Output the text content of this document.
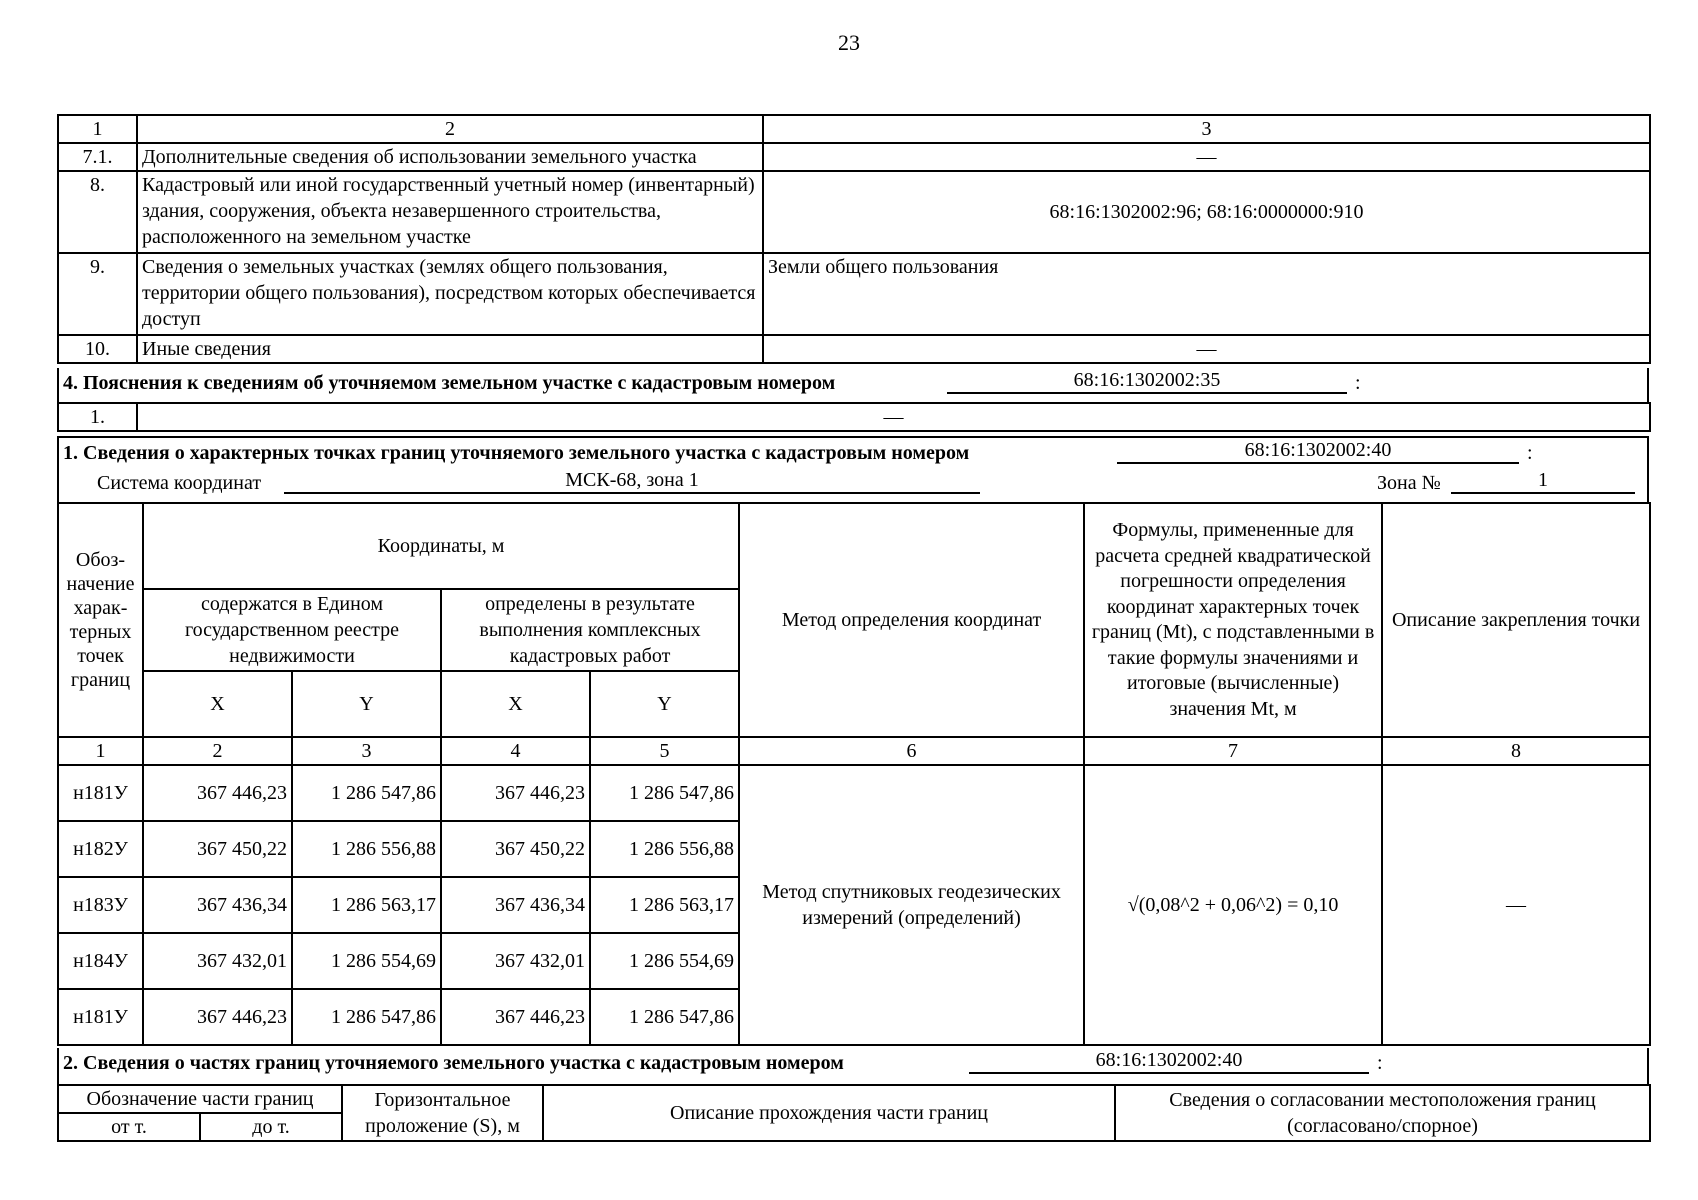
23
1	2	3
7.1.	Дополнительные сведения об использовании земельного участка	—
8.	Кадастровый или иной государственный учетный номер (инвентарный) здания, сооружения, объекта незавершенного строительства, расположенного на земельном участке	68:16:1302002:96; 68:16:0000000:910
9.	Сведения о земельных участках (землях общего пользования, территории общего пользования), посредством которых обеспечивается доступ	Земли общего пользования
10.	Иные сведения	—
4. Пояснения к сведениям об уточняемом земельном участке с кадастровым номером	68:16:1302002:35	:
1.	—
1. Сведения о характерных точках границ уточняемого земельного участка с кадастровым номером	68:16:1302002:40	:
Система координат	МСК-68, зона 1	Зона №	1
Обоз-начение харак-терных точек границ	Координаты, м				Метод определения координат	Формулы, примененные для расчета средней квадратической погрешности определения координат характерных точек границ (Mt), с подставленными в такие формулы значениями и итоговые (вычисленные) значения Mt, м	Описание закрепления точки
	содержатся в Едином государственном реестре недвижимости		определены в результате выполнения комплексных кадастровых работ				
	X	Y	X	Y			
1	2	3	4	5	6	7	8
н181У	367 446,23	1 286 547,86	367 446,23	1 286 547,86	Метод спутниковых геодезических измерений (определений)	√(0,08^2 + 0,06^2) = 0,10	—
н182У	367 450,22	1 286 556,88	367 450,22	1 286 556,88			
н183У	367 436,34	1 286 563,17	367 436,34	1 286 563,17			
н184У	367 432,01	1 286 554,69	367 432,01	1 286 554,69			
н181У	367 446,23	1 286 547,86	367 446,23	1 286 547,86			
2. Сведения о частях границ уточняемого земельного участка с кадастровым номером	68:16:1302002:40	:
Обозначение части границ		Горизонтальное проложение (S), м	Описание прохождения части границ	Сведения о согласовании местоположения границ (согласовано/спорное)
от т.	до т.			
